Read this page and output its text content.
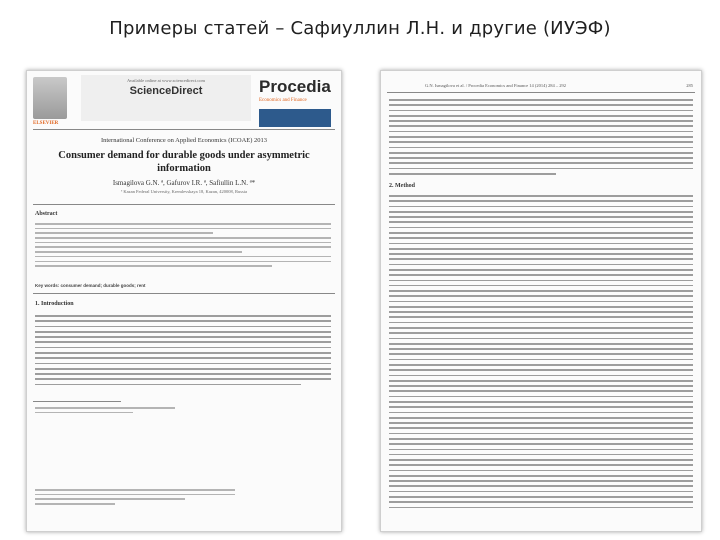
Примеры статей – Сафиуллин Л.Н. и другие (ИУЭФ)
ELSEVIER
Available online at www.sciencedirect.com
ScienceDirect	Procedia
Economics and Finance
International Conference on Applied Economics (ICOAE) 2013
Consumer demand for durable goods under asymmetric information
Ismagilova G.N. ª, Gafurov I.R. ª, Safiullin L.N. ª*
ª Kazan Federal University, Kremlevskaya 18, Kazan, 420008, Russia
Abstract
Key words: consumer demand; durable goods; rent
1. Introduction
G.N. Ismagilova et al. / Procedia Economics and Finance 14 (2014) 284 – 292	285
2. Method
